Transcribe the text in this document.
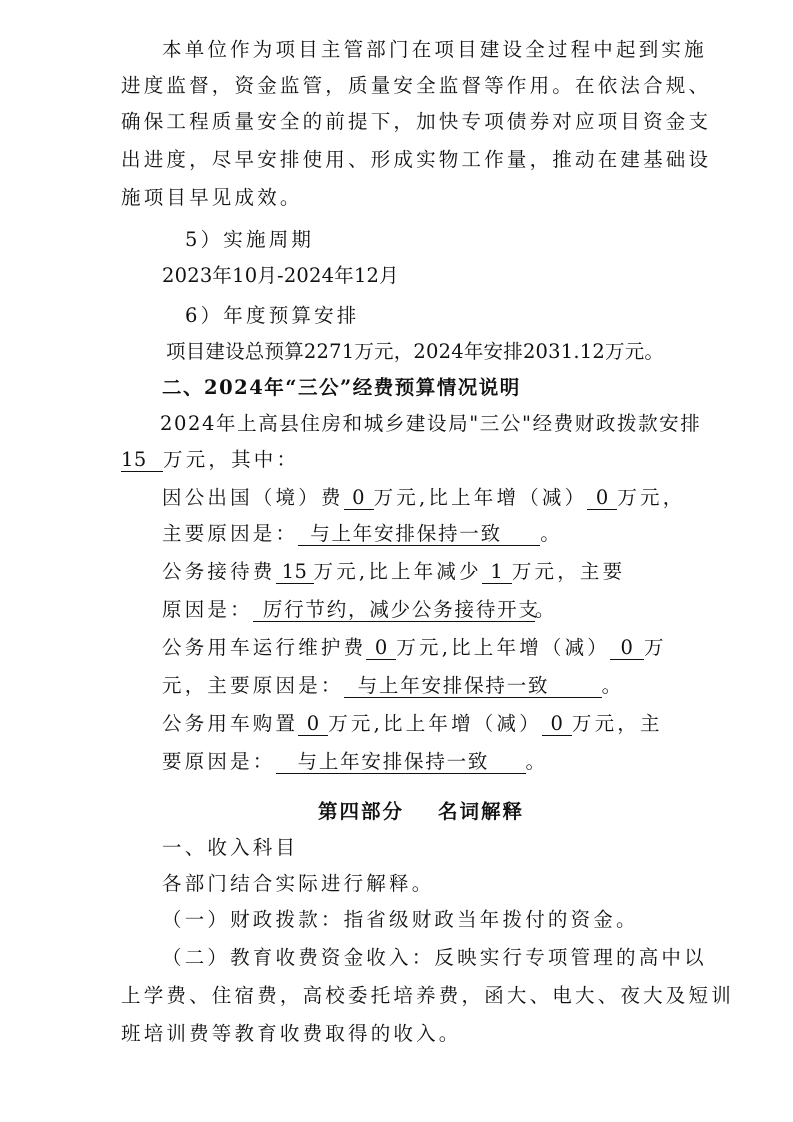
本单位作为项目主管部门在项目建设全过程中起到实施
进度监督，资金监管，质量安全监督等作用。在依法合规、
确保工程质量安全的前提下，加快专项债券对应项目资金支
出进度，尽早安排使用、形成实物工作量，推动在建基础设
施项目早见成效。
5）实施周期
2023年10月-2024年12月
6）年度预算安排
项目建设总预算2271万元，2024年安排2031.12万元。
二、2024年“三公”经费预算情况说明
2024年上高县住房和城乡建设局"三公"经费财政拨款安排
15 万元，其中：
因公出国（境）费 0 万元,比上年增（减） 0 万元，
主要原因是： 与上年安排保持一致 。
公务接待费 15 万元,比上年减少 1 万元，主要
原因是： 厉行节约，减少公务接待开支。
公务用车运行维护费 0 万元,比上年增（减） 0 万
元，主要原因是： 与上年安排保持一致	。
公务用车购置 0 万元,比上年增（减） 0 万元，主
要原因是： 与上年安排保持一致 。
第四部分 名词解释
一、收入科目
各部门结合实际进行解释。
（一）财政拨款：指省级财政当年拨付的资金。
（二）教育收费资金收入：反映实行专项管理的高中以
上学费、住宿费，高校委托培养费，函大、电大、夜大及短训
班培训费等教育收费取得的收入。
